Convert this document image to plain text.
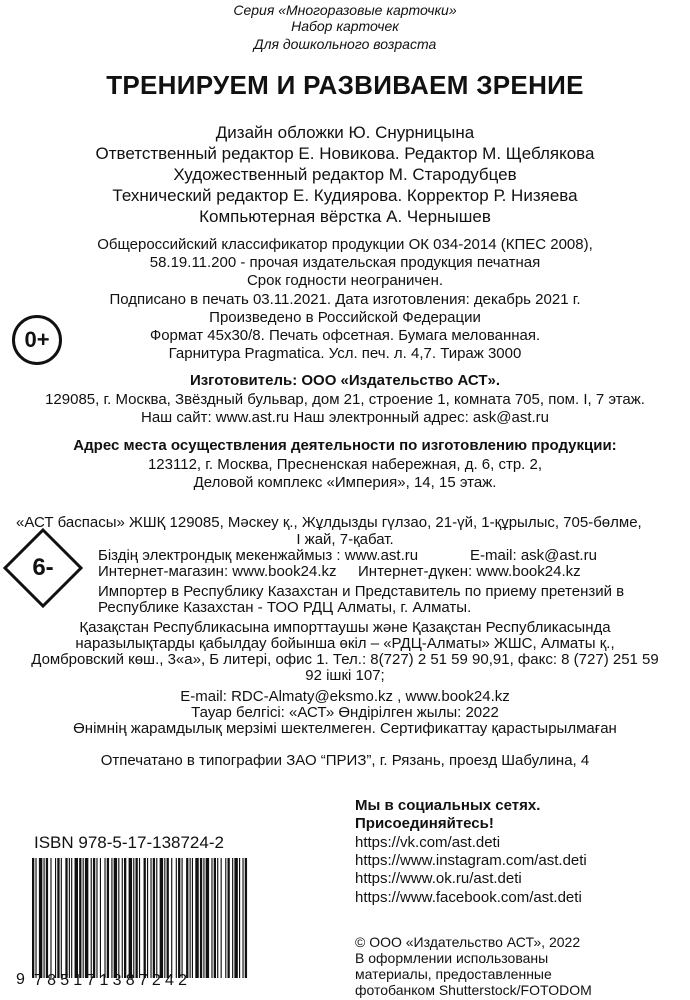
Серия «Многоразовые карточки»
Набор карточек
Для дошкольного возраста
ТРЕНИРУЕМ И РАЗВИВАЕМ ЗРЕНИЕ
Дизайн обложки Ю. Снурницына
Ответственный редактор Е. Новикова. Редактор М. Щеблякова
Художественный редактор М. Стародубцев
Технический редактор Е. Кудиярова. Корректор Р. Низяева
Компьютерная вёрстка А. Чернышев
Общероссийский классификатор продукции ОК 034-2014 (КПЕС 2008),
58.19.11.200 - прочая издательская продукция печатная
Срок годности неограничен.
Подписано в печать 03.11.2021. Дата изготовления: декабрь 2021 г.
Произведено в Российской Федерации
Формат 45x30/8. Печать офсетная. Бумага мелованная.
Гарнитура Pragmatica. Усл. печ. л. 4,7. Тираж 3000
0+
Изготовитель: ООО «Издательство АСТ».
129085, г. Москва, Звёздный бульвар, дом 21, строение 1, комната 705, пом. I, 7 этаж.
Наш сайт: www.ast.ru Наш электронный адрес: ask@ast.ru
Адрес места осуществления деятельности по изготовлению продукции:
123112, г. Москва, Пресненская набережная, д. 6, стр. 2,
Деловой комплекс «Империя», 14, 15 этаж.
«АСТ баспасы» ЖШҚ 129085, Мәскеу қ., Жұлдызды гүлзао, 21-үй, 1-құрылыс, 705-бөлме,
I жай, 7-қабат.
Біздің электрондық мекенжаймыз : www.ast.ru	E-mail: ask@ast.ru
Интернет-магазин: www.book24.kz Интернет-дүкен: www.book24.kz
Импортер в Республику Казахстан и Представитель по приему претензий в
Республике Казахстан - ТОО РДЦ Алматы, г. Алматы.
Қазақстан Республикасына импорттаушы және Қазақстан Республикасында
наразылықтарды қабылдау бойынша өкіл – «РДЦ-Алматы» ЖШС, Алматы қ.,
Домбровский көш., 3«а», Б литері, офис 1. Тел.: 8(727) 2 51 59 90,91, факс: 8 (727) 251 59
92 ішкі 107;
E-mail: RDC-Almaty@eksmo.kz , www.book24.kz
Тауар белгісі: «АСТ» Өндірілген жылы: 2022
Өнімнің жарамдылық мерзімі шектелмеген. Сертификаттау қарастырылмаған
6-
Отпечатано в типографии ЗАО “ПРИЗ”, г. Рязань, проезд Шабулина, 4
Мы в социальных сетях.
Присоединяйтесь!
https://vk.com/ast.deti
https://www.instagram.com/ast.deti
https://www.ok.ru/ast.deti
https://www.facebook.com/ast.deti
ISBN 978-5-17-138724-2
9 785171387242
© ООО «Издательство АСТ», 2022
В оформлении использованы
материалы, предоставленные
фотобанком Shutterstock/FOTODOM
